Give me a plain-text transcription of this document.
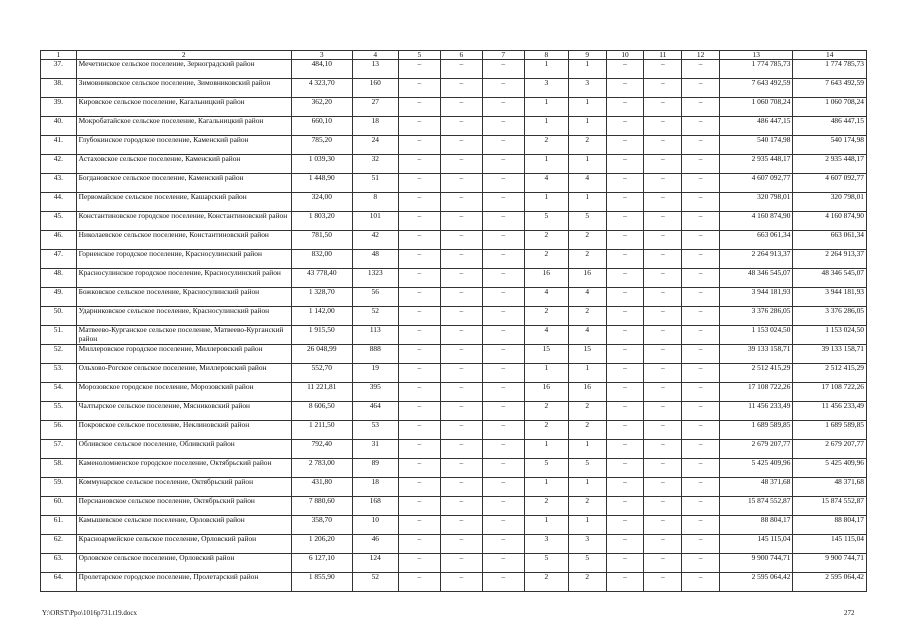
1	2	3	4	5	6	7	8	9	10	11	12	13	14
37.	Мечетинское сельское поселение, Зерноградский район	484,10	13	–	–	–	1	1	–	–	–	1 774 785,73	1 774 785,73
38.	Зимовниковское сельское поселение, Зимовниковский район	4 323,70	160	–	–	–	3	3	–	–	–	7 643 492,59	7 643 492,59
39.	Кировское сельское поселение, Кагальницкий район	362,20	27	–	–	–	1	1	–	–	–	1 060 708,24	1 060 708,24
40.	Мокробатайское сельское поселение, Кагальницкий район	660,10	18	–	–	–	1	1	–	–	–	486 447,15	486 447,15
41.	Глубокинское городское поселение, Каменский район	785,20	24	–	–	–	2	2	–	–	–	540 174,98	540 174,98
42.	Астаховское сельское поселение, Каменский район	1 039,30	32	–	–	–	1	1	–	–	–	2 935 448,17	2 935 448,17
43.	Богдановское сельское поселение, Каменский район	1 448,90	51	–	–	–	4	4	–	–	–	4 607 092,77	4 607 092,77
44.	Первомайское сельское поселение, Кашарский район	324,00	8	–	–	–	1	1	–	–	–	320 798,01	320 798,01
45.	Константиновское городское поселение, Константиновский район	1 803,20	101	–	–	–	5	5	–	–	–	4 160 874,90	4 160 874,90
46.	Николаевское сельское поселение, Константиновский район	781,50	42	–	–	–	2	2	–	–	–	663 061,34	663 061,34
47.	Горненское городское поселение, Красносулинский район	832,00	48	–	–	–	2	2	–	–	–	2 264 913,37	2 264 913,37
48.	Красносулинское городское поселение, Красносулинский район	43 778,40	1323	–	–	–	16	16	–	–	–	48 346 545,07	48 346 545,07
49.	Божковское сельское поселение, Красносулинский район	1 328,70	56	–	–	–	4	4	–	–	–	3 944 181,93	3 944 181,93
50.	Ударниковское сельское поселение, Красносулинский район	1 142,00	52	–	–	–	2	2	–	–	–	3 376 286,05	3 376 286,05
51.	Матвеево-Курганское сельское поселение, Матвеево-Курганский район	1 915,50	113	–	–	–	4	4	–	–	–	1 153 024,50	1 153 024,50
52.	Миллеровское городское поселение, Миллеровский район	26 048,99	888	–	–	–	15	15	–	–	–	39 133 158,71	39 133 158,71
53.	Ольхово-Рогское сельское поселение, Миллеровский район	552,70	19	–	–	–	1	1	–	–	–	2 512 415,29	2 512 415,29
54.	Морозовское городское поселение, Морозовский район	11 221,81	395	–	–	–	16	16	–	–	–	17 108 722,26	17 108 722,26
55.	Чалтырское сельское поселение, Мясниковский район	8 606,50	464	–	–	–	2	2	–	–	–	11 456 233,49	11 456 233,49
56.	Покровское сельское поселение, Неклиновский район	1 211,50	53	–	–	–	2	2	–	–	–	1 689 589,85	1 689 589,85
57.	Обливское сельское поселение, Обливский район	792,40	31	–	–	–	1	1	–	–	–	2 679 207,77	2 679 207,77
58.	Каменоломненское городское поселение, Октябрьский район	2 783,00	89	–	–	–	5	5	–	–	–	5 425 409,96	5 425 409,96
59.	Коммунарское сельское поселение, Октябрьский район	431,80	18	–	–	–	1	1	–	–	–	48 371,68	48 371,68
60.	Персиановское сельское поселение, Октябрьский район	7 880,60	168	–	–	–	2	2	–	–	–	15 874 552,87	15 874 552,87
61.	Камышевское сельское поселение, Орловский район	358,70	10	–	–	–	1	1	–	–	–	88 804,17	88 804,17
62.	Красноармейское сельское поселение, Орловский район	1 206,20	46	–	–	–	3	3	–	–	–	145 115,04	145 115,04
63.	Орловское сельское поселение, Орловский район	6 127,10	124	–	–	–	5	5	–	–	–	9 900 744,71	9 900 744,71
64.	Пролетарское городское поселение, Пролетарский район	1 855,90	52	–	–	–	2	2	–	–	–	2 595 064,42	2 595 064,42
Y:\ORST\Ppo\1016p731.t19.docx	272
